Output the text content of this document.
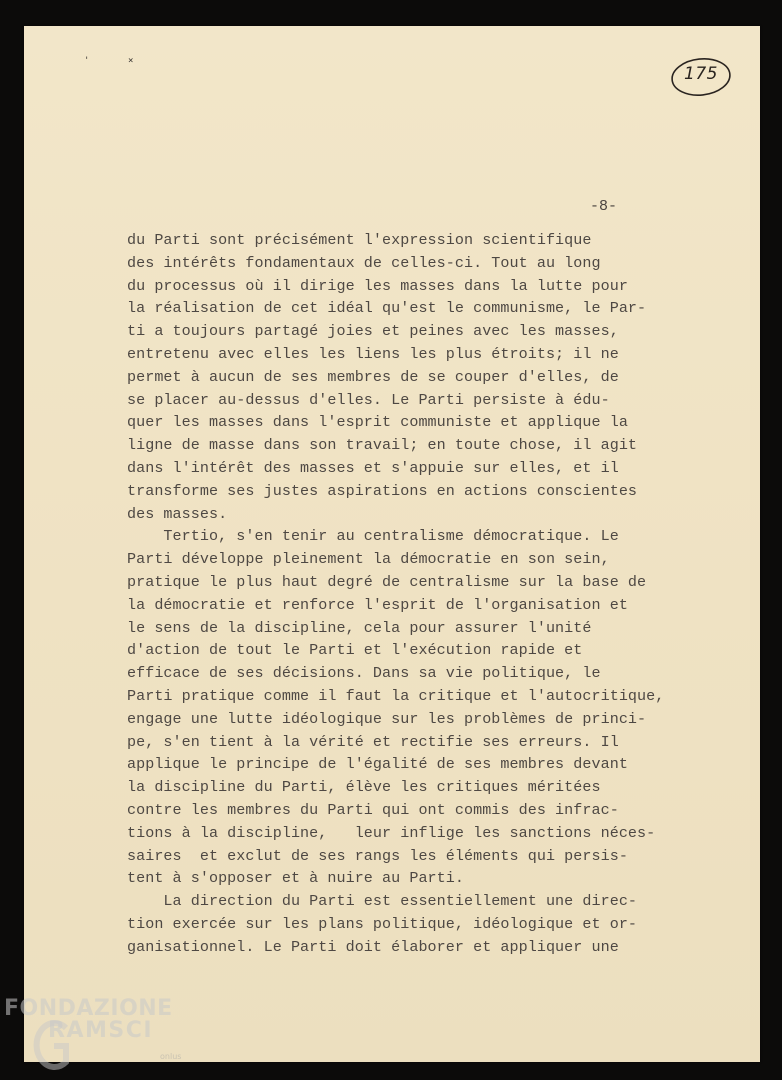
'	×
175
-8-
du Parti sont précisément l'expression scientifique
des intérêts fondamentaux de celles-ci. Tout au long
du processus où il dirige les masses dans la lutte pour
la réalisation de cet idéal qu'est le communisme, le Par-
ti a toujours partagé joies et peines avec les masses,
entretenu avec elles les liens les plus étroits; il ne
permet à aucun de ses membres de se couper d'elles, de
se placer au-dessus d'elles. Le Parti persiste à édu-
quer les masses dans l'esprit communiste et applique la
ligne de masse dans son travail; en toute chose, il agit
dans l'intérêt des masses et s'appuie sur elles, et il
transforme ses justes aspirations en actions conscientes
des masses.
Tertio, s'en tenir au centralisme démocratique. Le
Parti développe pleinement la démocratie en son sein,
pratique le plus haut degré de centralisme sur la base de
la démocratie et renforce l'esprit de l'organisation et
le sens de la discipline, cela pour assurer l'unité
d'action de tout le Parti et l'exécution rapide et
efficace de ses décisions. Dans sa vie politique, le
Parti pratique comme il faut la critique et l'autocritique,
engage une lutte idéologique sur les problèmes de princi-
pe, s'en tient à la vérité et rectifie ses erreurs. Il
applique le principe de l'égalité de ses membres devant
la discipline du Parti, élève les critiques méritées
contre les membres du Parti qui ont commis des infrac-
tions à la discipline,   leur inflige les sanctions néces-
saires  et exclut de ses rangs les éléments qui persis-
tent à s'opposer et à nuire au Parti.
La direction du Parti est essentiellement une direc-
tion exercée sur les plans politique, idéologique et or-
ganisationnel. Le Parti doit élaborer et appliquer une
FONDAZIONE
RAMSCI
onlus
